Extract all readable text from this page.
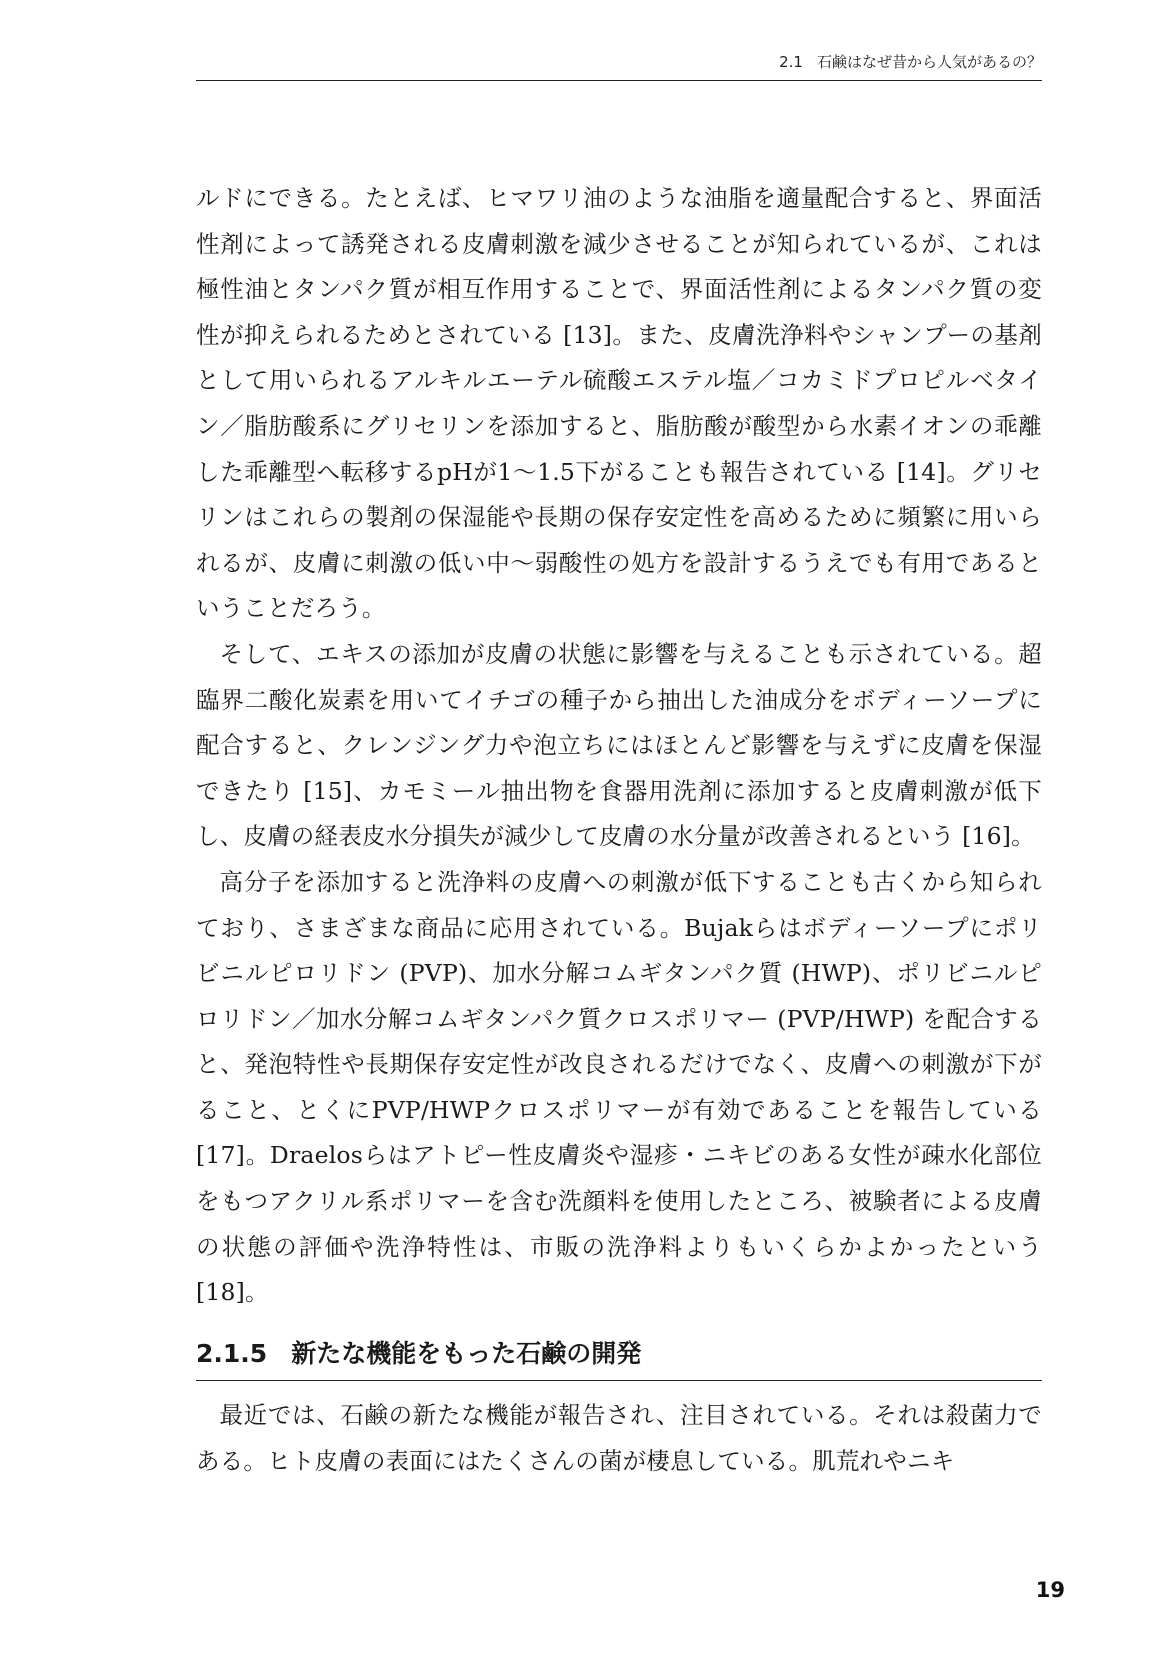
2.1 石鹸はなぜ昔から人気があるの？

ルドにできる。たとえば、ヒマワリ油のような油脂を適量配合すると、界面活性剤によって誘発される皮膚刺激を減少させることが知られているが、これは極性油とタンパク質が相互作用することで、界面活性剤によるタンパク質の変性が抑えられるためとされている [13]。また、皮膚洗浄料やシャンプーの基剤として用いられるアルキルエーテル硫酸エステル塩／コカミドプロピルベタイン／脂肪酸系にグリセリンを添加すると、脂肪酸が酸型から水素イオンの乖離した乖離型へ転移するpHが1～1.5下がることも報告されている [14]。グリセリンはこれらの製剤の保湿能や長期の保存安定性を高めるために頻繁に用いられるが、皮膚に刺激の低い中～弱酸性の処方を設計するうえでも有用であるということだろう。

そして、エキスの添加が皮膚の状態に影響を与えることも示されている。超臨界二酸化炭素を用いてイチゴの種子から抽出した油成分をボディーソープに配合すると、クレンジング力や泡立ちにはほとんど影響を与えずに皮膚を保湿できたり [15]、カモミール抽出物を食器用洗剤に添加すると皮膚刺激が低下し、皮膚の経表皮水分損失が減少して皮膚の水分量が改善されるという [16]。

高分子を添加すると洗浄料の皮膚への刺激が低下することも古くから知られており、さまざまな商品に応用されている。Bujakらはボディーソープにポリビニルピロリドン (PVP)、加水分解コムギタンパク質 (HWP)、ポリビニルピロリドン／加水分解コムギタンパク質クロスポリマー (PVP/HWP) を配合すると、発泡特性や長期保存安定性が改良されるだけでなく、皮膚への刺激が下がること、とくにPVP/HWPクロスポリマーが有効であることを報告している [17]。Draelosらはアトピー性皮膚炎や湿疹・ニキビのある女性が疎水化部位をもつアクリル系ポリマーを含む洗顔料を使用したところ、被験者による皮膚の状態の評価や洗浄特性は、市販の洗浄料よりもいくらかよかったという [18]。

2.1.5 新たな機能をもった石鹸の開発

最近では、石鹸の新たな機能が報告され、注目されている。それは殺菌力である。ヒト皮膚の表面にはたくさんの菌が棲息している。肌荒れやニキ

19
